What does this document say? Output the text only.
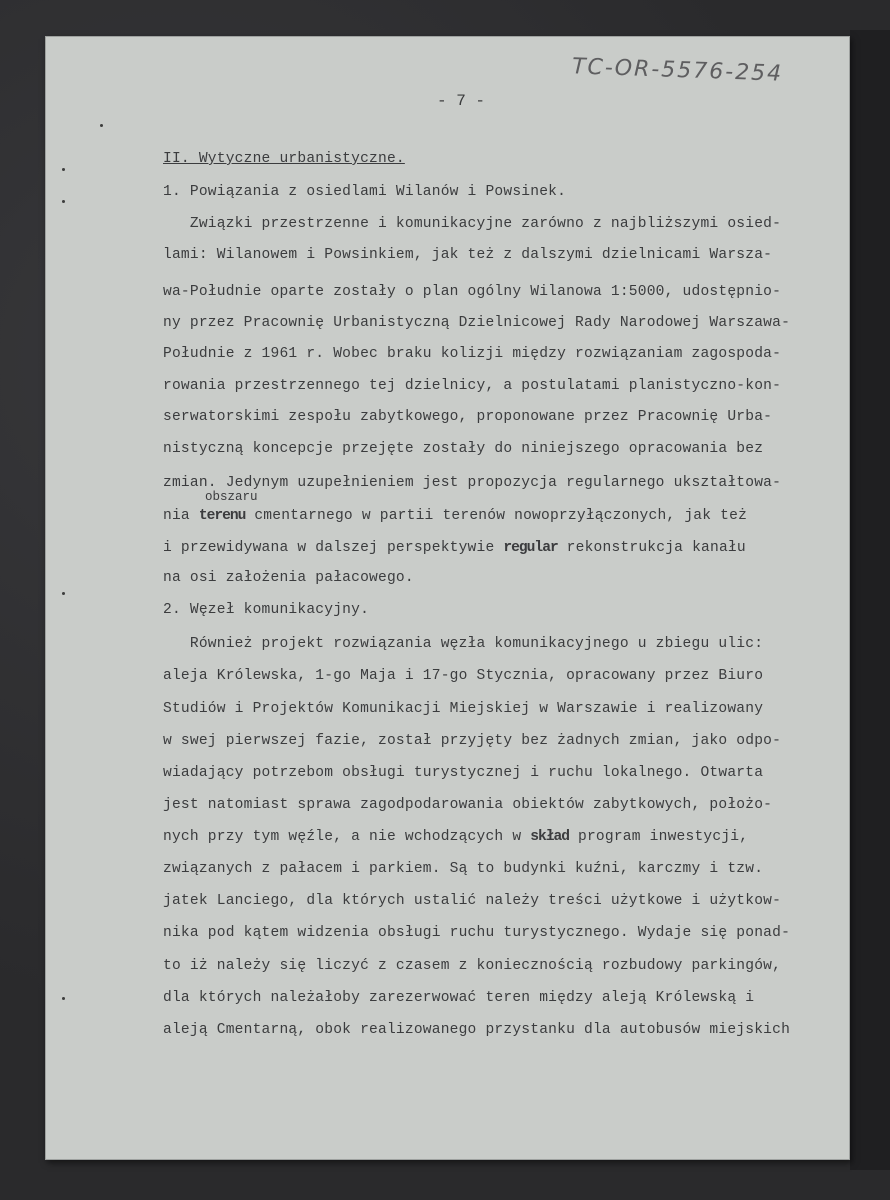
TC-OR-5576-254
- 7 -
II. Wytyczne urbanistyczne.
1. Powiązania z osiedlami Wilanów i Powsinek.
Związki przestrzenne i komunikacyjne zarówno z najbliższymi osied-
lami: Wilanowem i Powsinkiem, jak też z dalszymi dzielnicami Warsza-
wa-Południe oparte zostały o plan ogólny Wilanowa 1:5000, udostępnio-
ny przez Pracownię Urbanistyczną Dzielnicowej Rady Narodowej Warszawa-
Południe z 1961 r. Wobec braku kolizji między rozwiązaniam zagospoda-
rowania przestrzennego tej dzielnicy, a postulatami planistyczno-kon-
serwatorskimi zespołu zabytkowego, proponowane przez Pracownię Urba-
nistyczną koncepcje przejęte zostały do niniejszego opracowania bez
zmian. Jedynym uzupełnieniem jest propozycja regularnego ukształtowa-
obszaru
nia terenu cmentarnego w partii terenów nowoprzyłączonych, jak też
i przewidywana w dalszej perspektywie regular rekonstrukcja kanału
na osi założenia pałacowego.
2. Węzeł komunikacyjny.
Również projekt rozwiązania węzła komunikacyjnego u zbiegu ulic:
aleja Królewska, 1-go Maja i 17-go Stycznia, opracowany przez Biuro
Studiów i Projektów Komunikacji Miejskiej w Warszawie i realizowany
w swej pierwszej fazie, został przyjęty bez żadnych zmian, jako odpo-
wiadający potrzebom obsługi turystycznej i ruchu lokalnego. Otwarta
jest natomiast sprawa zagodpodarowania obiektów zabytkowych, położo-
nych przy tym węźle, a nie wchodzących w skład program inwestycji,
związanych z pałacem i parkiem. Są to budynki kuźni, karczmy i tzw.
jatek Lanciego, dla których ustalić należy treści użytkowe i użytkow-
nika pod kątem widzenia obsługi ruchu turystycznego. Wydaje się ponad-
to iż należy się liczyć z czasem z koniecznością rozbudowy parkingów,
dla których należałoby zarezerwować teren między aleją Królewską i
aleją Cmentarną, obok realizowanego przystanku dla autobusów miejskich
